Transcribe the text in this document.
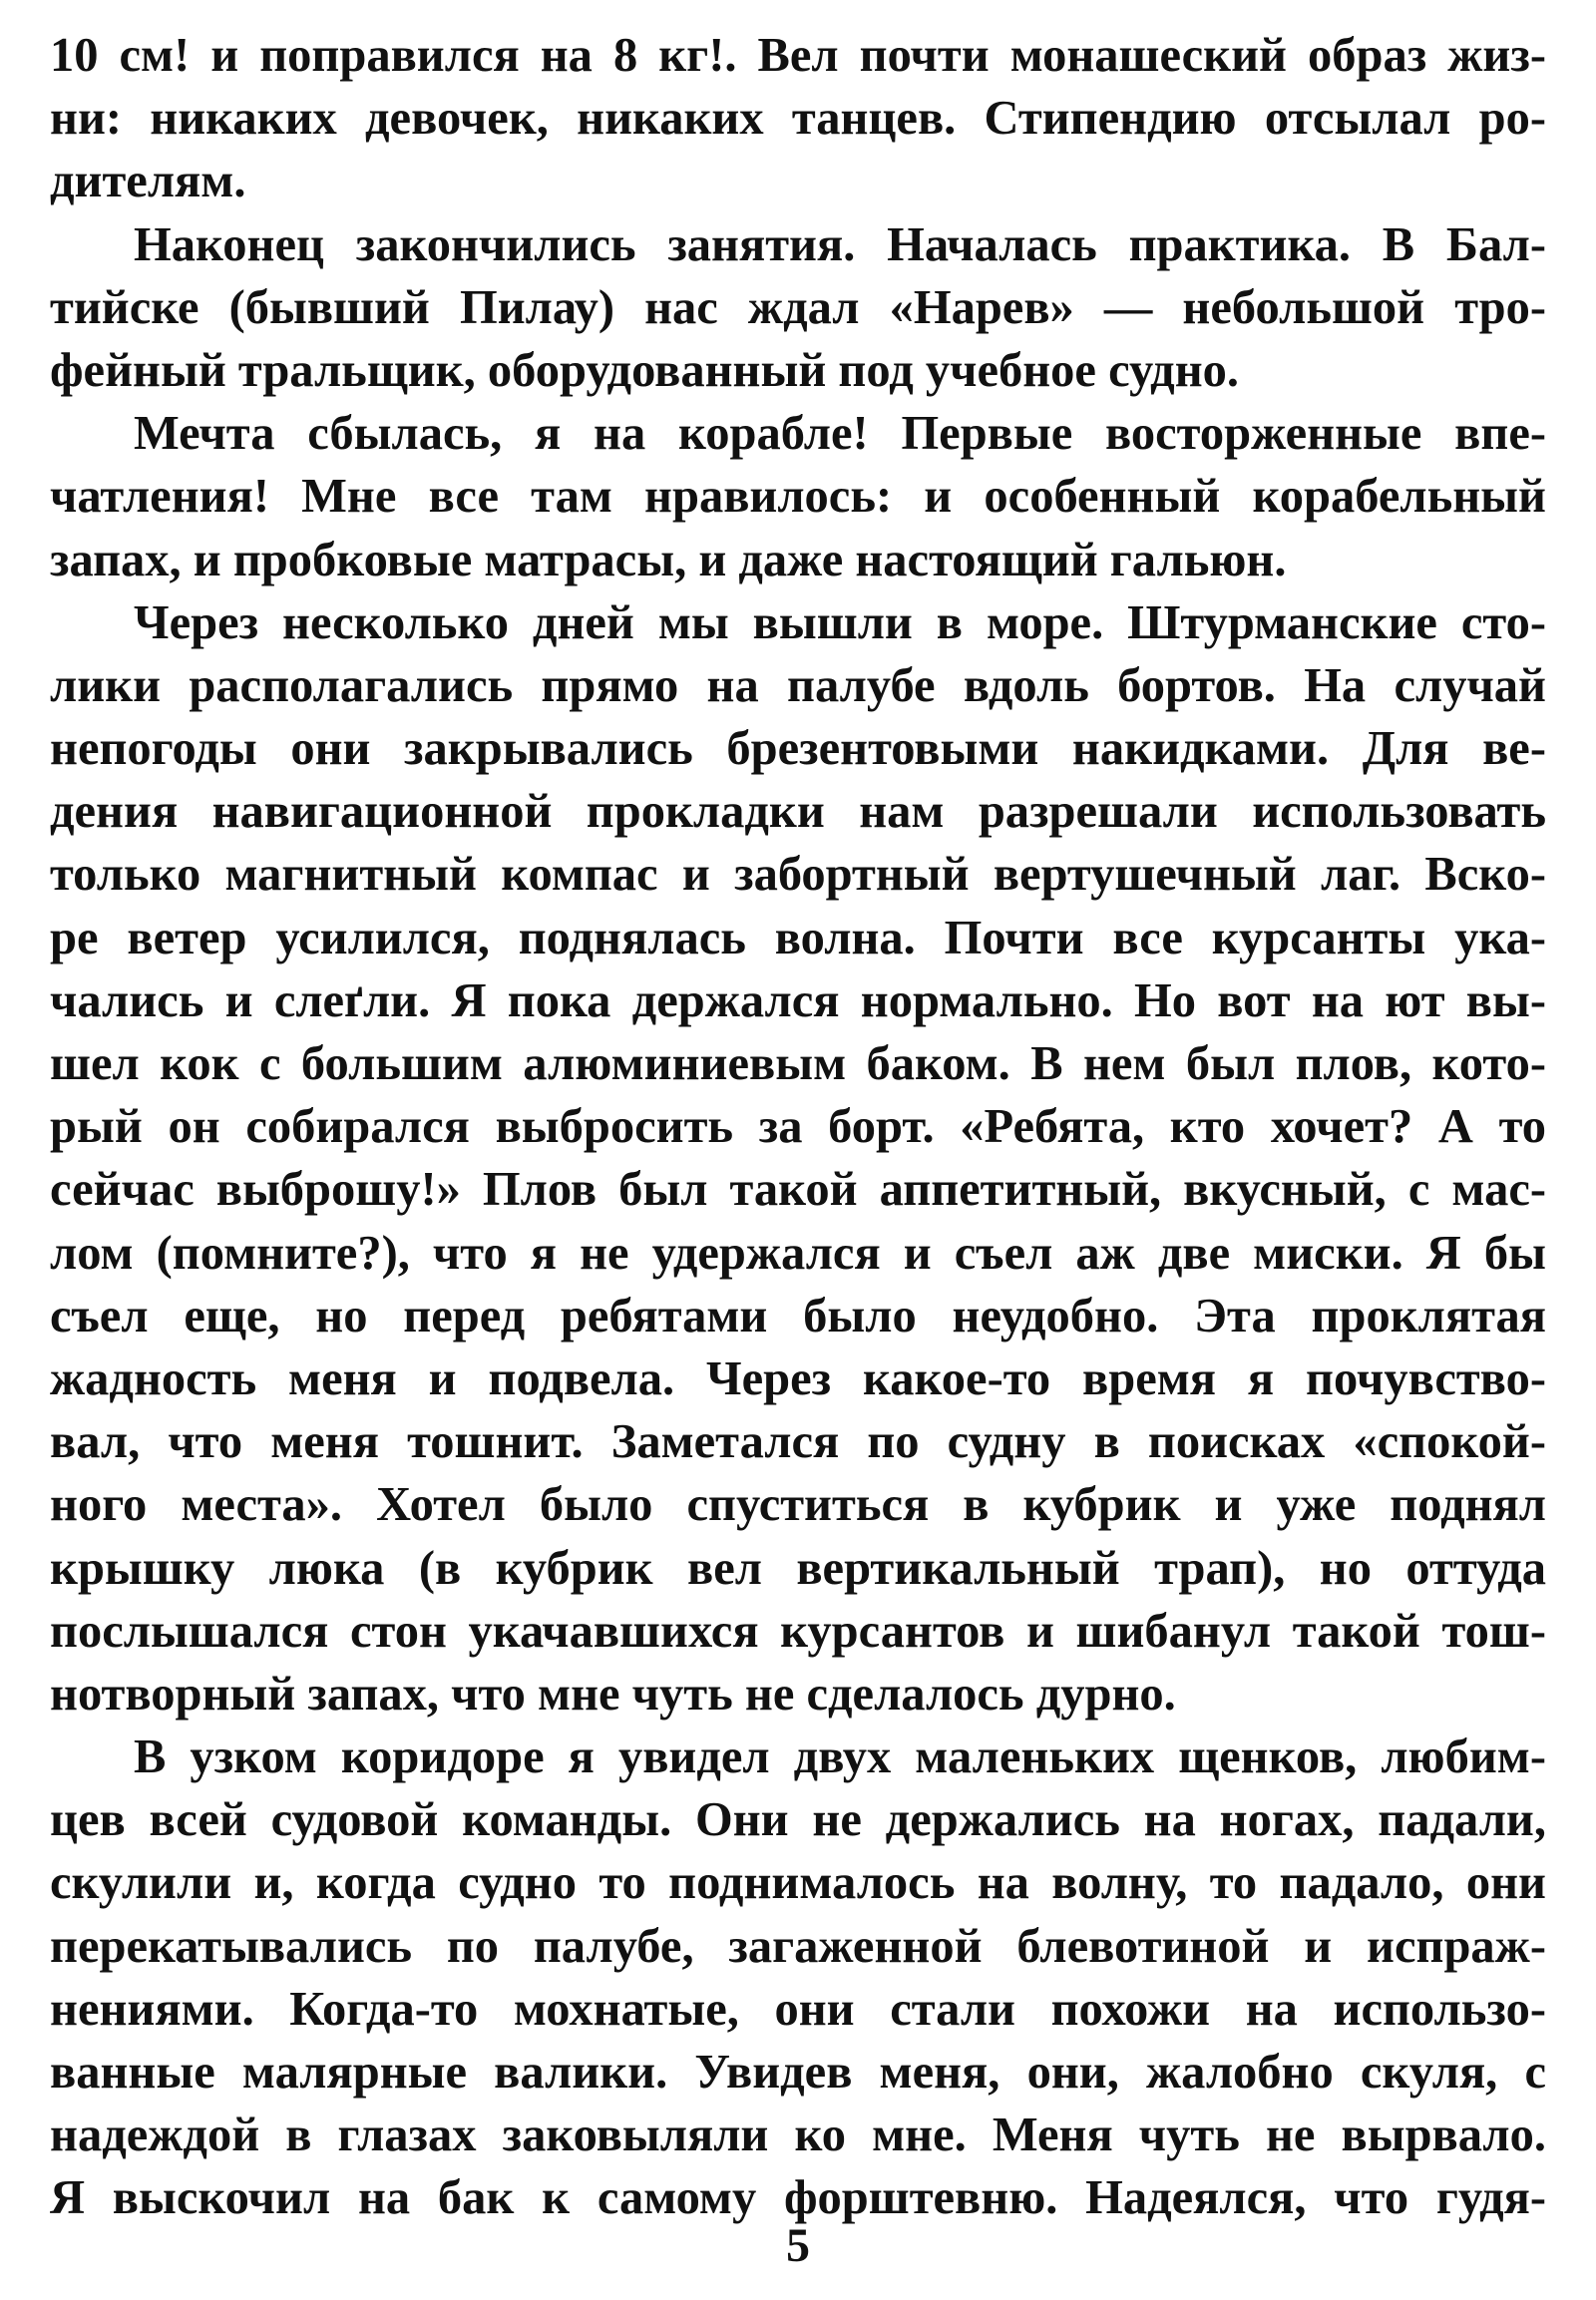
10 см! и поправился на 8 кг!. Вел почти монашеский образ жиз-
ни: никаких девочек, никаких танцев. Стипендию отсылал ро-
дителям.
Наконец закончились занятия. Началась практика. В Бал-
тийске (бывший Пилау) нас ждал «Нарев» — небольшой тро-
фейный тральщик, оборудованный под учебное судно.
Мечта сбылась, я на корабле! Первые восторженные впе-
чатления! Мне все там нравилось: и особенный корабельный
запах, и пробковые матрасы, и даже настоящий гальюн.
Через несколько дней мы вышли в море. Штурманские сто-
лики располагались прямо на палубе вдоль бортов. На случай
непогоды они закрывались брезентовыми накидками. Для ве-
дения навигационной прокладки нам разрешали использовать
только магнитный компас и забортный вертушечный лаг. Вско-
ре ветер усилился, поднялась волна. Почти все курсанты ука-
чались и слеґли. Я пока держался нормально. Но вот на ют вы-
шел кок с большим алюминиевым баком. В нем был плов, кото-
рый он собирался выбросить за борт. «Ребята, кто хочет? А то
сейчас выброшу!» Плов был такой аппетитный, вкусный, с мас-
лом (помните?), что я не удержался и съел аж две миски. Я бы
съел еще, но перед ребятами было неудобно. Эта проклятая
жадность меня и подвела. Через какое-то время я почувство-
вал, что меня тошнит. Заметался по судну в поисках «спокой-
ного места». Хотел было спуститься в кубрик и уже поднял
крышку люка (в кубрик вел вертикальный трап), но оттуда
послышался стон укачавшихся курсантов и шибанул такой тош-
нотворный запах, что мне чуть не сделалось дурно.
В узком коридоре я увидел двух маленьких щенков, любим-
цев всей судовой команды. Они не держались на ногах, падали,
скулили и, когда судно то поднималось на волну, то падало, они
перекатывались по палубе, загаженной блевотиной и испраж-
нениями. Когда-то мохнатые, они стали похожи на использо-
ванные малярные валики. Увидев меня, они, жалобно скуля, с
надеждой в глазах заковыляли ко мне. Меня чуть не вырвало.
Я выскочил на бак к самому форштевню. Надеялся, что гудя-
5
